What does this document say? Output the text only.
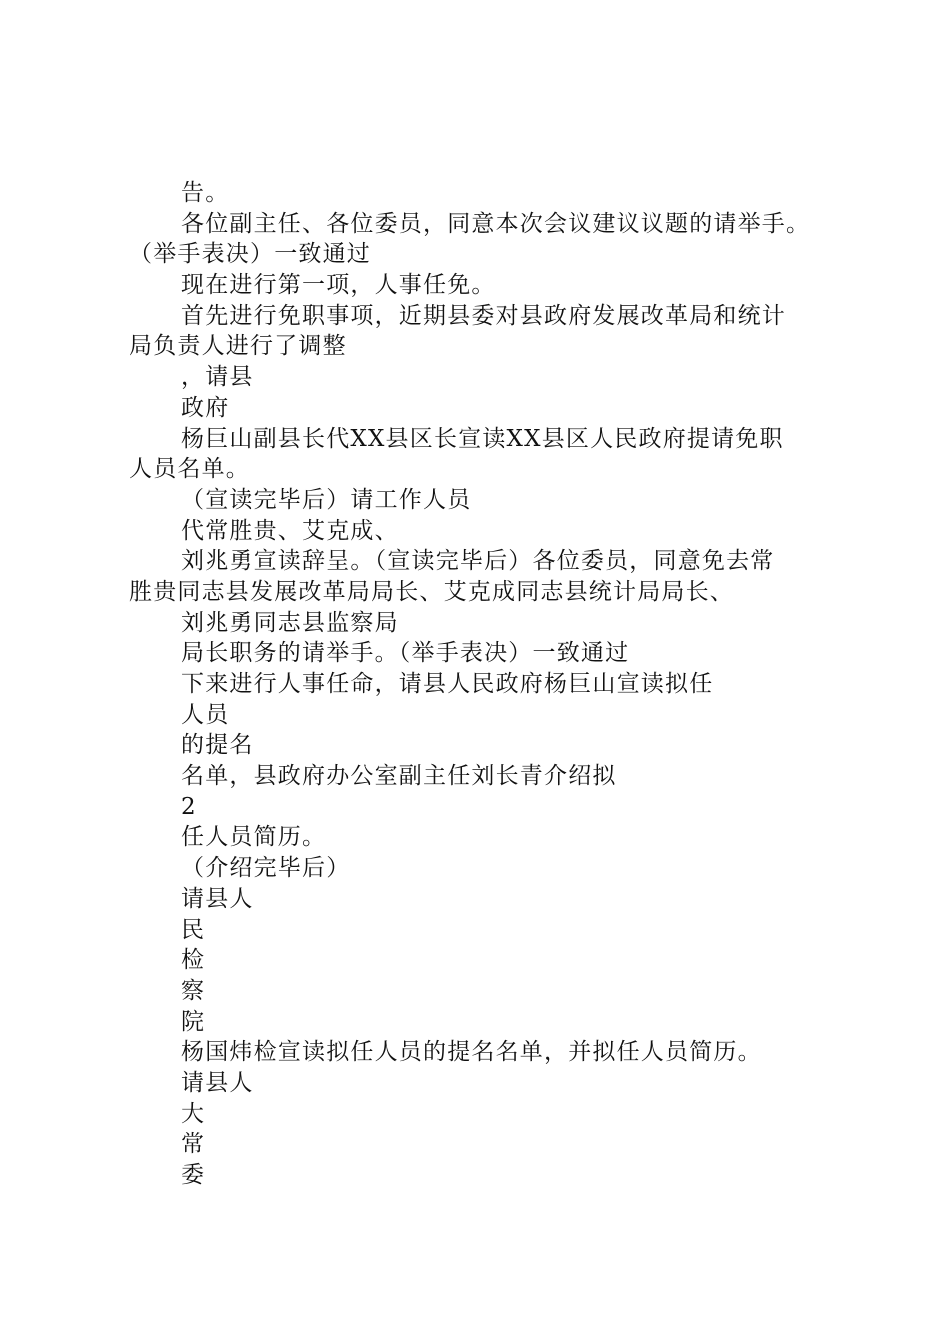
告。
各位副主任、各位委员，同意本次会议建议议题的请举手。
（举手表决）一致通过
现在进行第一项，人事任免。
首先进行免职事项，近期县委对县政府发展改革局和统计
局负责人进行了调整
，请县
政府
杨巨山副县长代XX县区长宣读XX县区人民政府提请免职
人员名单。
（宣读完毕后）请工作人员
代常胜贵、艾克成、
刘兆勇宣读辞呈。（宣读完毕后）各位委员，同意免去常
胜贵同志县发展改革局局长、艾克成同志县统计局局长、
刘兆勇同志县监察局
局长职务的请举手。（举手表决）一致通过
下来进行人事任命，请县人民政府杨巨山宣读拟任
人员
的提名
名单，县政府办公室副主任刘长青介绍拟
2
任人员简历。
（介绍完毕后）
请县人
民
检
察
院
杨国炜检宣读拟任人员的提名名单，并拟任人员简历。
请县人
大
常
委
